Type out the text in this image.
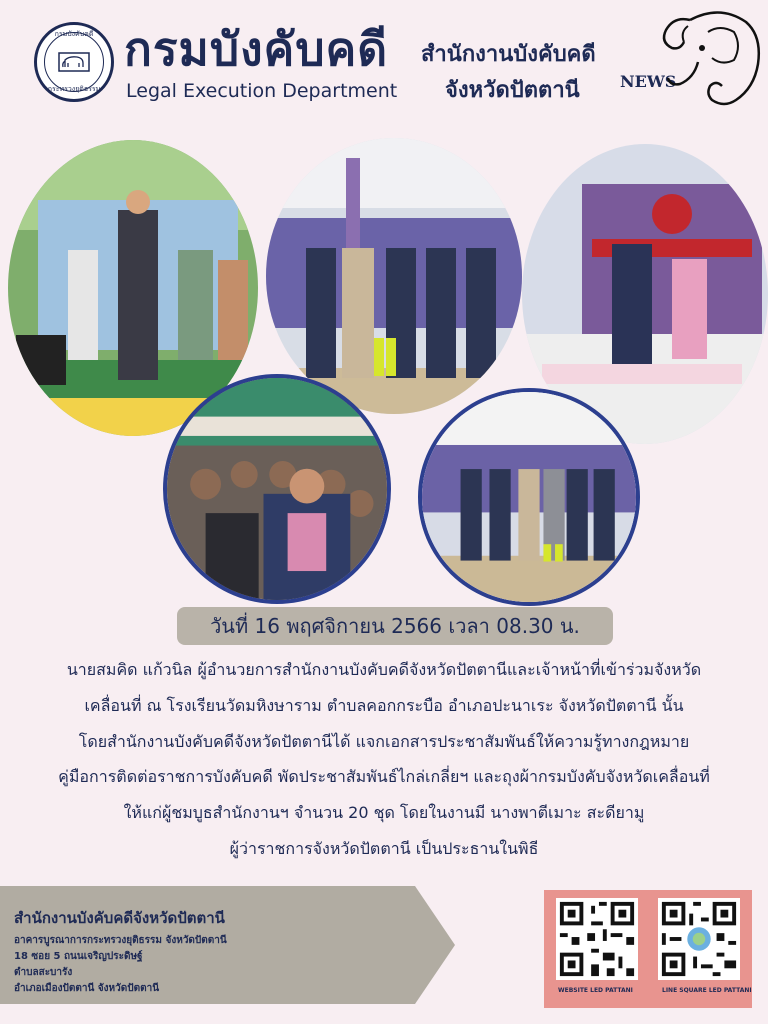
กรมบังคับคดี
กระทรวงยุติธรรม
กรมบังคับคดี
Legal Execution Department
สำนักงานบังคับคดี
จังหวัดปัตตานี	NEWS
วันที่ 16 พฤศจิกายน 2566 เวลา 08.30 น.
นายสมคิด แก้วนิล ผู้อำนวยการสำนักงานบังคับคดีจังหวัดปัตตานีและเจ้าหน้าที่เข้าร่วมจังหวัด
เคลื่อนที่ ณ โรงเรียนวัดมหิงษาราม ตำบลคอกกระบือ อำเภอปะนาเระ จังหวัดปัตตานี นั้น
โดยสำนักงานบังคับคดีจังหวัดปัตตานีได้ แจกเอกสารประชาสัมพันธ์ให้ความรู้ทางกฎหมาย
คู่มือการติดต่อราชการบังคับคดี พัดประชาสัมพันธ์ไกล่เกลี่ยฯ และถุงผ้ากรมบังคับจังหวัดเคลื่อนที่
ให้แก่ผู้ชมบูธสำนักงานฯ จำนวน 20 ชุด โดยในงานมี นางพาตีเมาะ สะดียามู
ผู้ว่าราชการจังหวัดปัตตานี เป็นประธานในพิธี
สำนักงานบังคับคดีจังหวัดปัตตานี
อาคารบูรณาการกระทรวงยุติธรรม จังหวัดปัตตานี
18 ซอย 5 ถนนเจริญประดิษฐ์
ตำบลสะบารัง
อำเภอเมืองปัตตานี จังหวัดปัตตานี	WEBSITE LED PATTANI	LINE SQUARE LED PATTANI
